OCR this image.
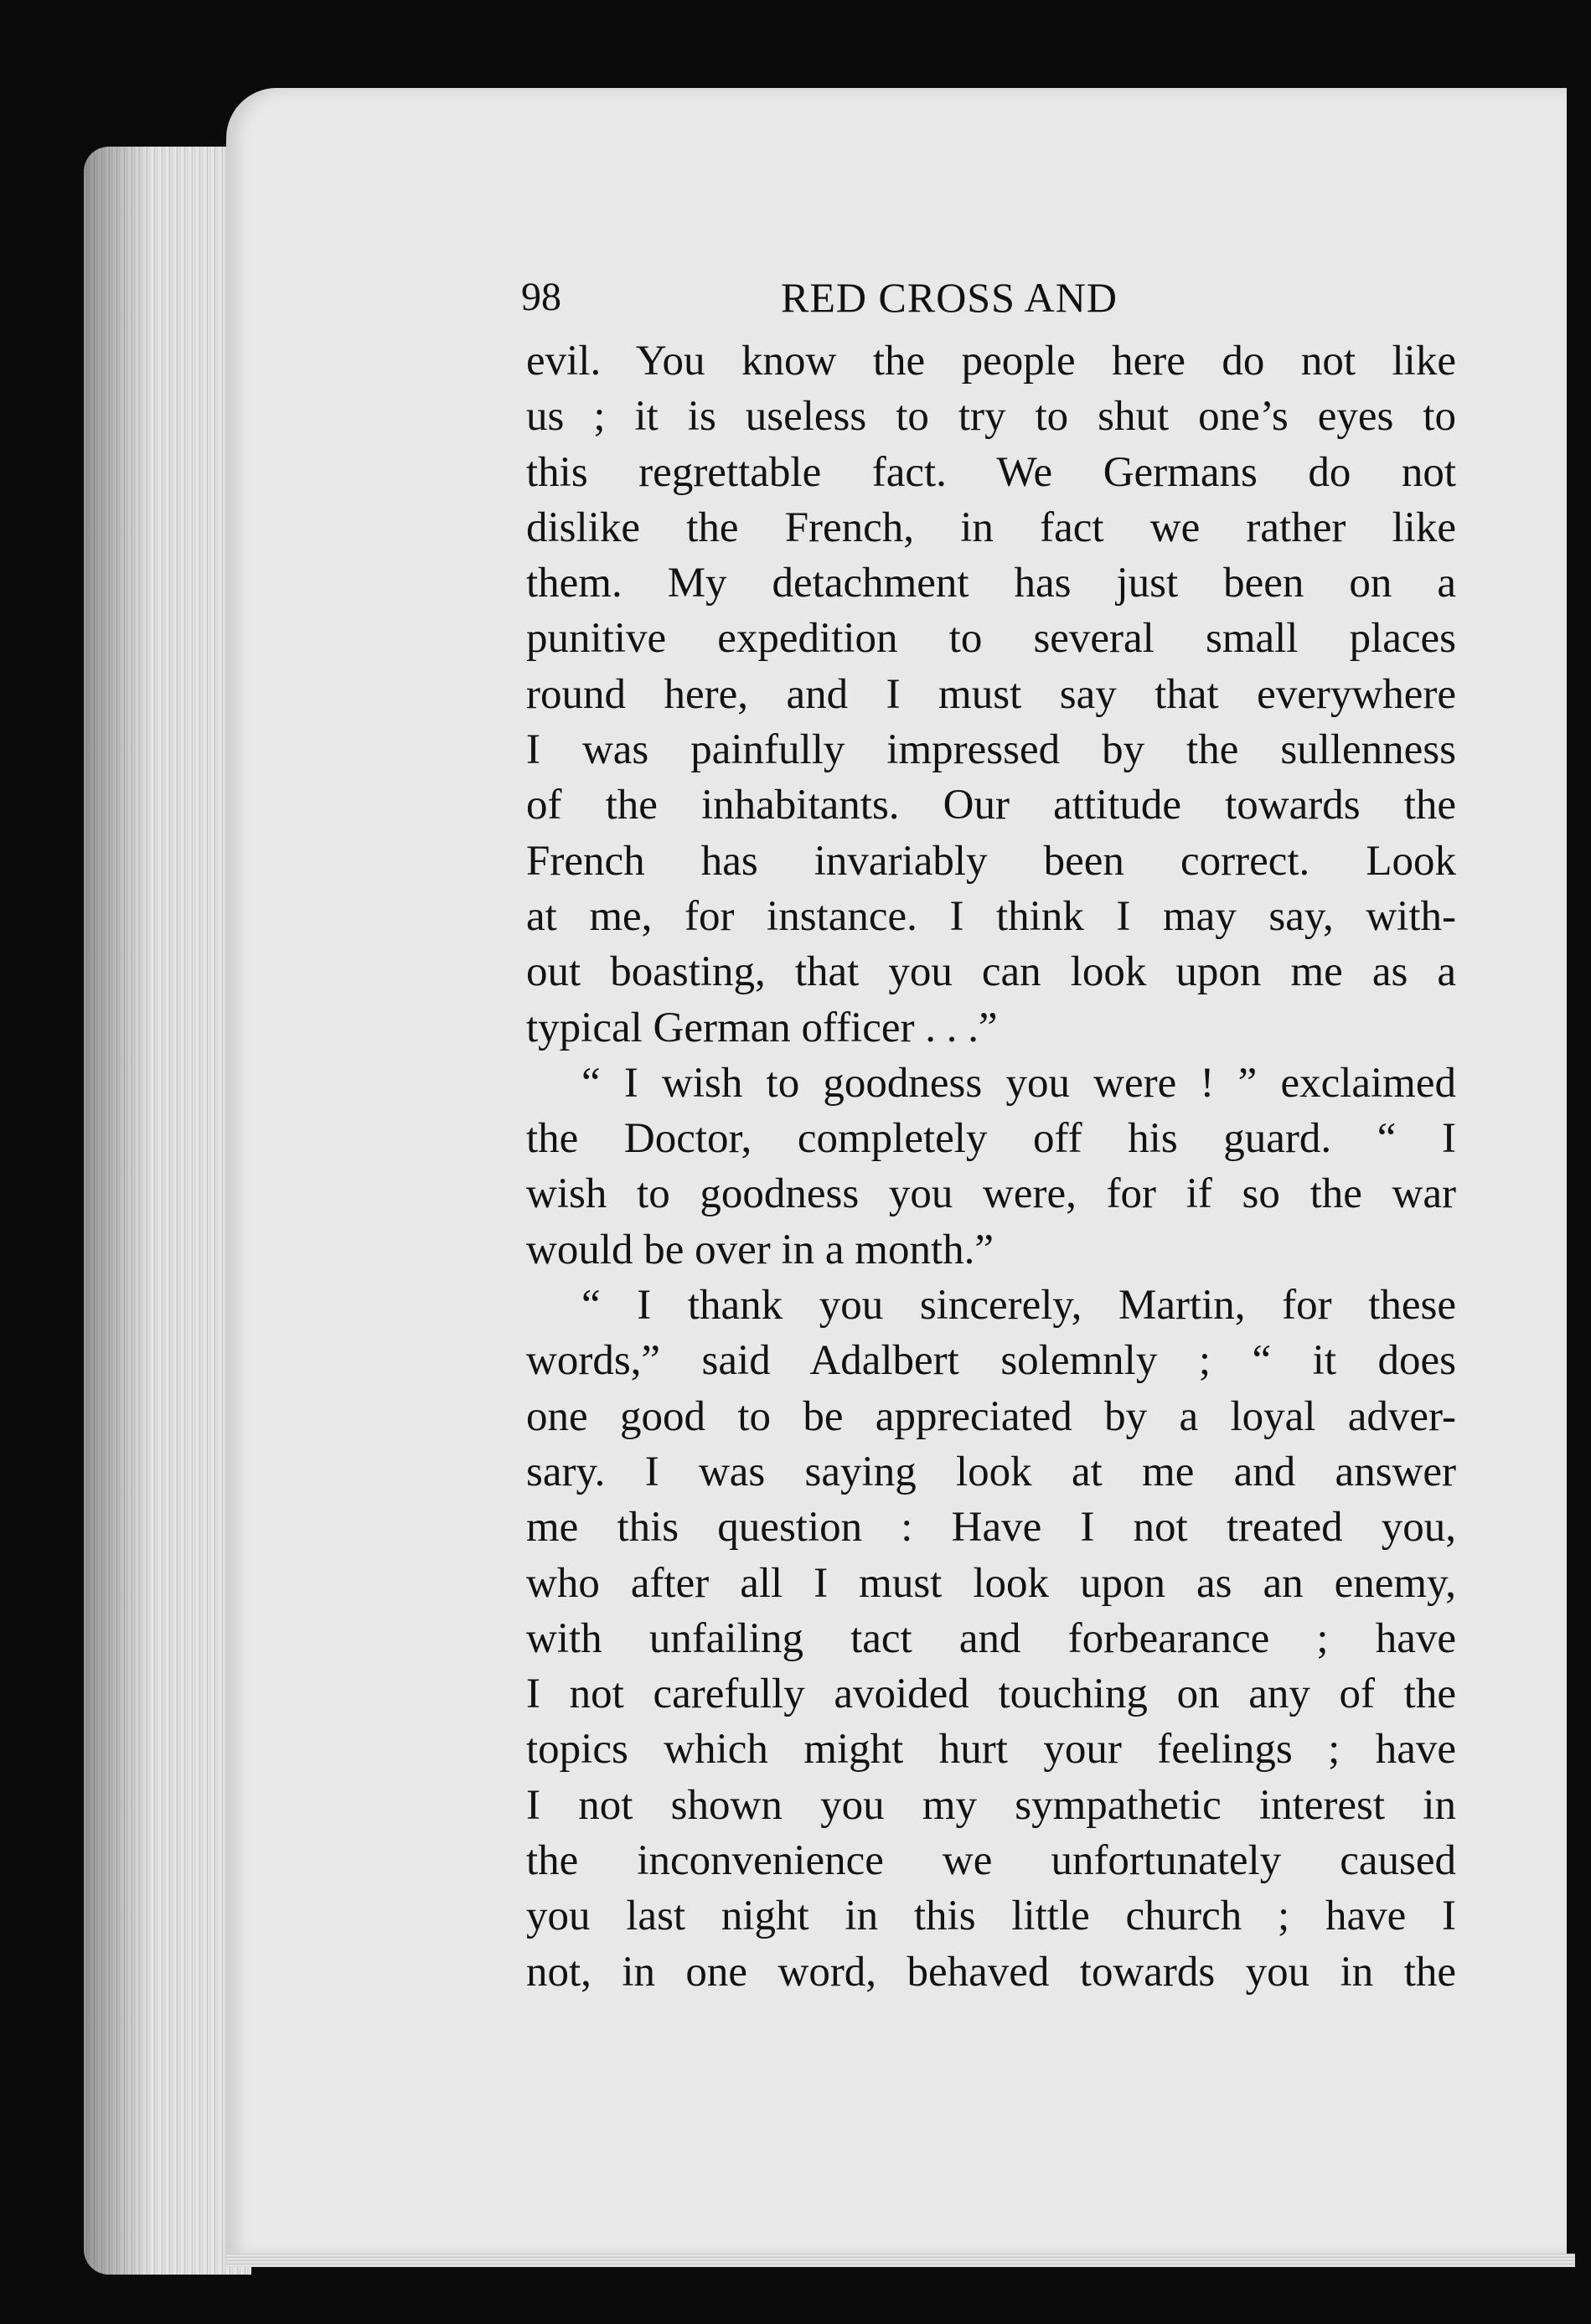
98	RED CROSS AND
evil. You know the people here do not like
us ; it is useless to try to shut one’s eyes to
this regrettable fact. We Germans do not
dislike the French, in fact we rather like
them. My detachment has just been on a
punitive expedition to several small places
round here, and I must say that everywhere
I was painfully impressed by the sullenness
of the inhabitants. Our attitude towards the
French has invariably been correct. Look
at me, for instance. I think I may say, with-
out boasting, that you can look upon me as a
typical German officer . . .”
“ I wish to goodness you were ! ” exclaimed
the Doctor, completely off his guard. “ I
wish to goodness you were, for if so the war
would be over in a month.”
“ I thank you sincerely, Martin, for these
words,” said Adalbert solemnly ; “ it does
one good to be appreciated by a loyal adver-
sary. I was saying look at me and answer
me this question : Have I not treated you,
who after all I must look upon as an enemy,
with unfailing tact and forbearance ; have
I not carefully avoided touching on any of the
topics which might hurt your feelings ; have
I not shown you my sympathetic interest in
the inconvenience we unfortunately caused
you last night in this little church ; have I
not, in one word, behaved towards you in the
